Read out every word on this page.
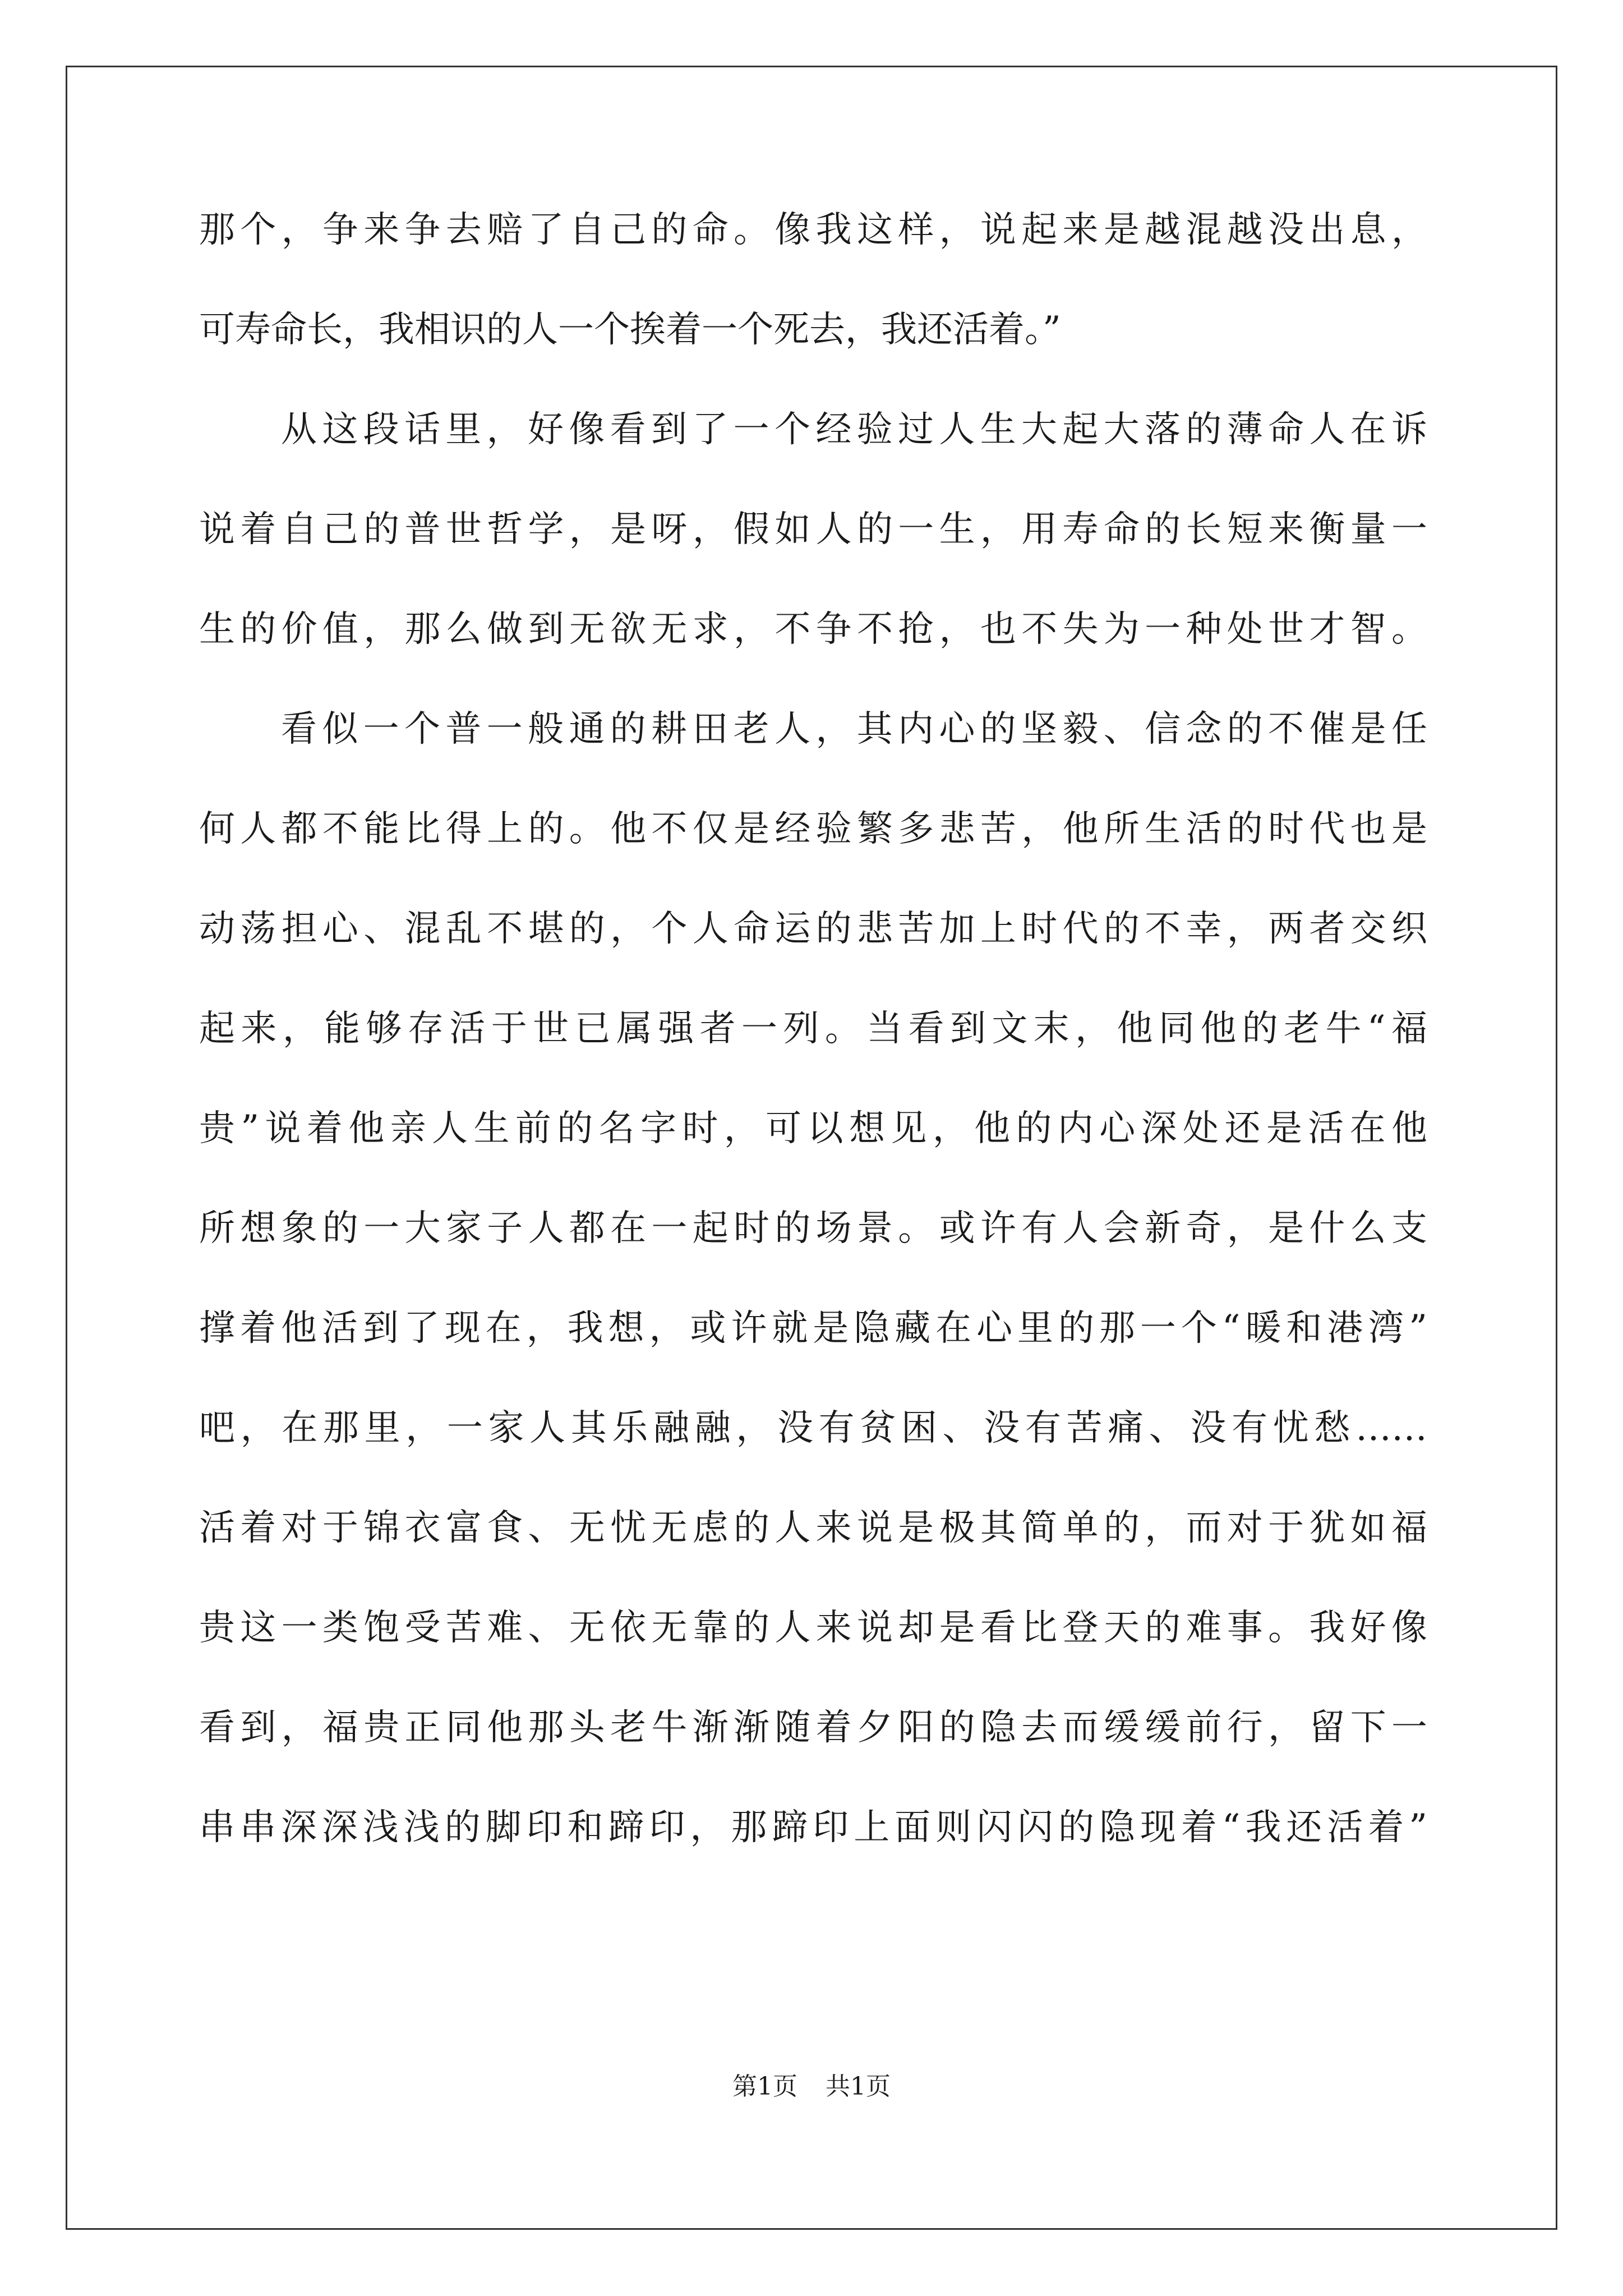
那个，争来争去赔了自己的命。像我这样，说起来是越混越没出息，
可寿命长，我相识的人一个挨着一个死去，我还活着。”
从这段话里，好像看到了一个经验过人生大起大落的薄命人在诉
说着自己的普世哲学，是呀，假如人的一生，用寿命的长短来衡量一
生的价值，那么做到无欲无求，不争不抢，也不失为一种处世才智。
看似一个普一般通的耕田老人，其内心的坚毅、信念的不催是任
何人都不能比得上的。他不仅是经验繁多悲苦，他所生活的时代也是
动荡担心、混乱不堪的，个人命运的悲苦加上时代的不幸，两者交织
起来，能够存活于世已属强者一列。当看到文末，他同他的老牛“福
贵”说着他亲人生前的名字时，可以想见，他的内心深处还是活在他
所想象的一大家子人都在一起时的场景。或许有人会新奇，是什么支
撑着他活到了现在，我想，或许就是隐藏在心里的那一个“暖和港湾”
吧，在那里，一家人其乐融融，没有贫困、没有苦痛、没有忧愁……
活着对于锦衣富食、无忧无虑的人来说是极其简单的，而对于犹如福
贵这一类饱受苦难、无依无靠的人来说却是看比登天的难事。我好像
看到，福贵正同他那头老牛渐渐随着夕阳的隐去而缓缓前行，留下一
串串深深浅浅的脚印和蹄印，那蹄印上面则闪闪的隐现着“我还活着”
第1页 共1页
